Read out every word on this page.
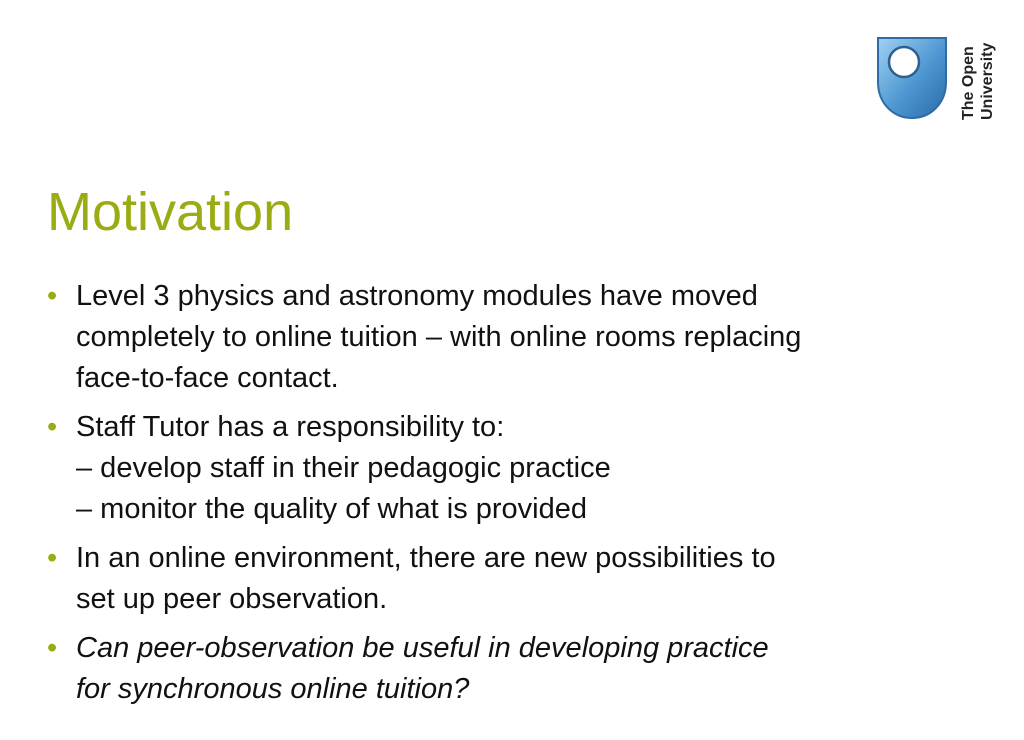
The Open University
Motivation
• Level 3 physics and astronomy modules have moved
completely to online tuition – with online rooms replacing
face-to-face contact.
• Staff Tutor has a responsibility to:
– develop staff in their pedagogic practice
– monitor the quality of what is provided
• In an online environment, there are new possibilities to
set up peer observation.
• Can peer-observation be useful in developing practice
for synchronous online tuition?
